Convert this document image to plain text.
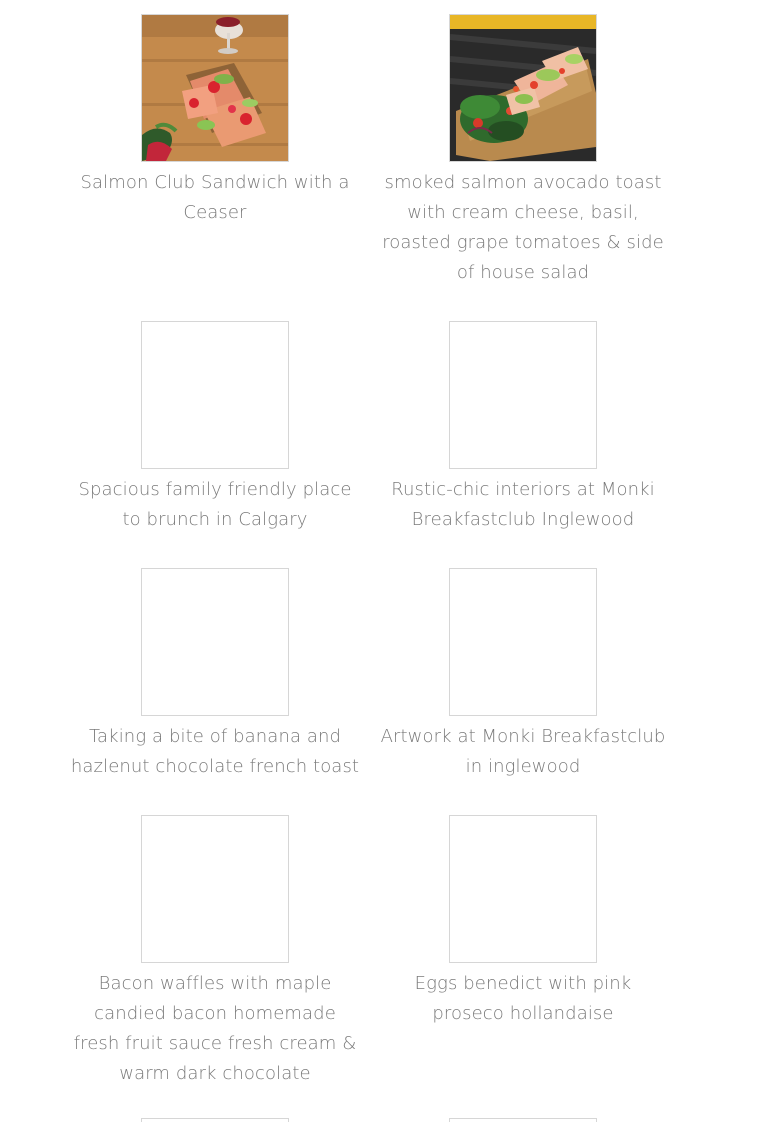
Salmon Club Sandwich with a Ceaser
smoked salmon avocado toast with cream cheese, basil, roasted grape tomatoes & side of house salad
Spacious family friendly place to brunch in Calgary
Rustic-chic interiors at Monki Breakfastclub Inglewood
Taking a bite of banana and hazlenut chocolate french toast
Artwork at Monki Breakfastclub in inglewood
Bacon waffles with maple candied bacon homemade fresh fruit sauce fresh cream & warm dark chocolate
Eggs benedict with pink proseco hollandaise
